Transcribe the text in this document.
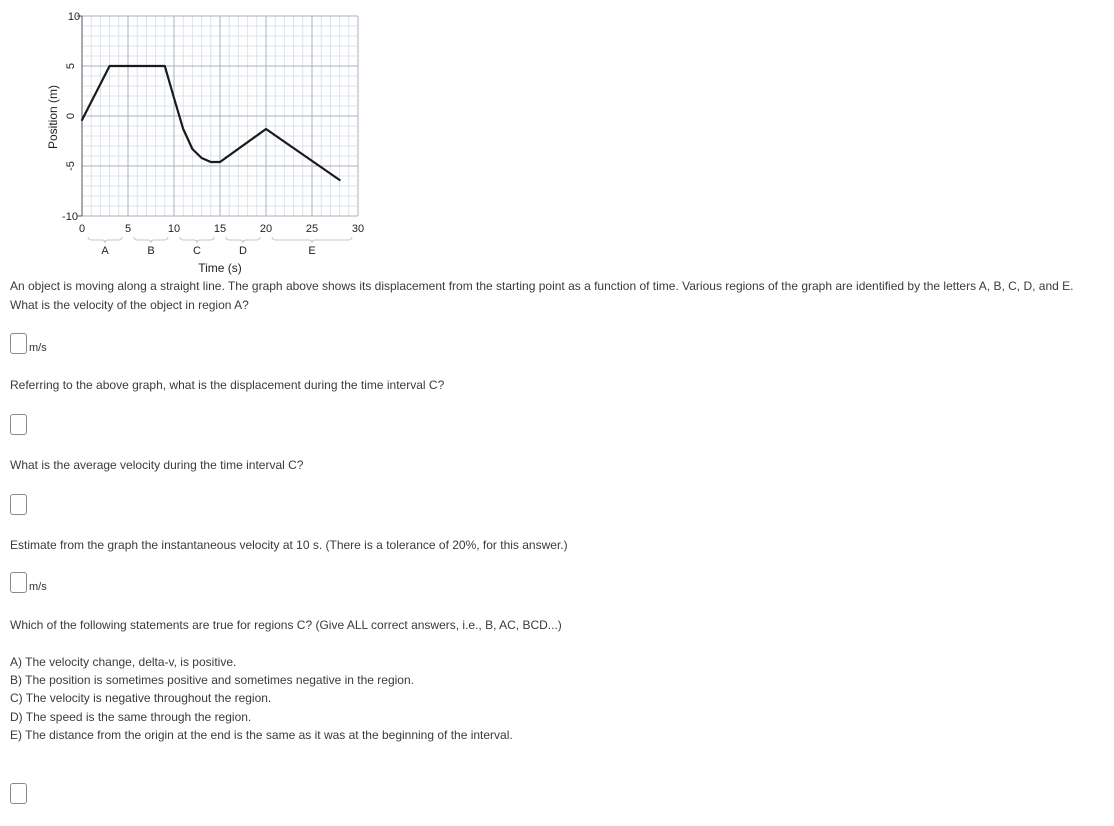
10
5
0
-5
-10
0	5	10	15	20	25	30
A	B	C	D	E
Time (s)
Position (m)
An object is moving along a straight line. The graph above shows its displacement from the starting point as a function of time. Various regions of the graph are identified by the letters A, B, C, D, and E.
What is the velocity of the object in region A?
m/s
Referring to the above graph, what is the displacement during the time interval C?
What is the average velocity during the time interval C?
Estimate from the graph the instantaneous velocity at 10 s. (There is a tolerance of 20%, for this answer.)
m/s
Which of the following statements are true for regions C? (Give ALL correct answers, i.e., B, AC, BCD...)
A) The velocity change, delta-v, is positive.
B) The position is sometimes positive and sometimes negative in the region.
C) The velocity is negative throughout the region.
D) The speed is the same through the region.
E) The distance from the origin at the end is the same as it was at the beginning of the interval.
